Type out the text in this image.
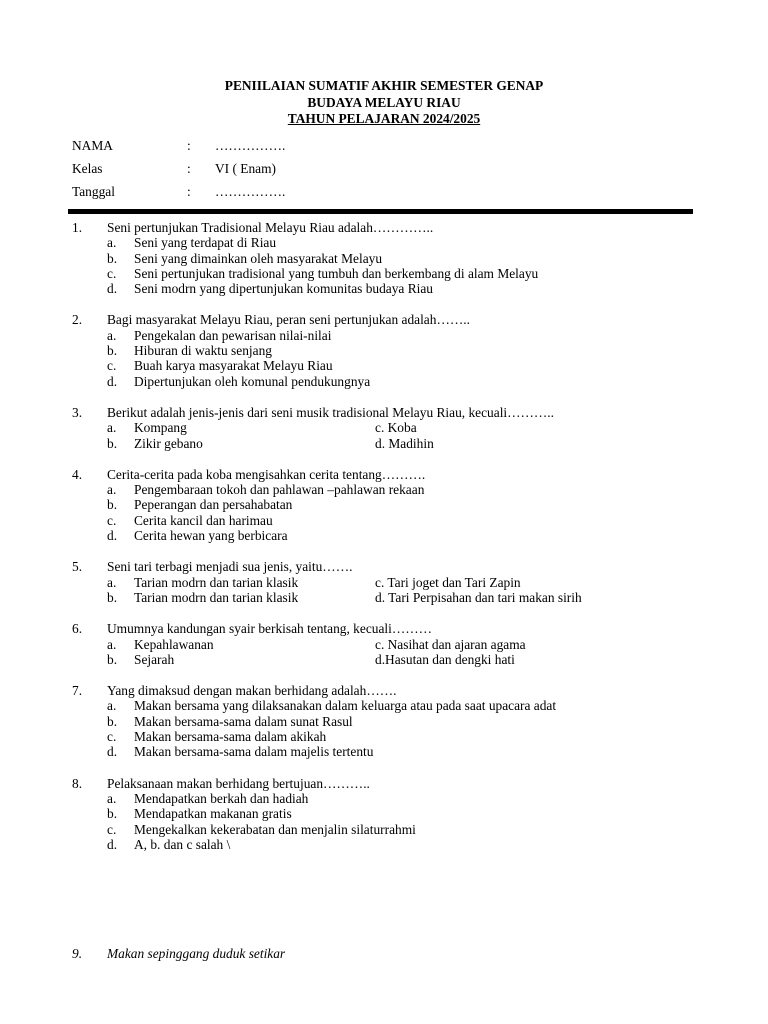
PENIILAIAN SUMATIF AKHIR SEMESTER GENAP
BUDAYA MELAYU RIAU
TAHUN PELAJARAN 2024/2025
NAMA	: …………….
Kelas	: VI ( Enam)
Tanggal	: …………….
1. Seni pertunjukan Tradisional Melayu Riau adalah…………..
a. Seni yang terdapat di Riau
b. Seni yang dimainkan oleh masyarakat Melayu
c. Seni pertunjukan tradisional yang tumbuh dan berkembang di alam Melayu
d. Seni modrn yang dipertunjukan komunitas budaya Riau
2. Bagi masyarakat Melayu Riau, peran seni pertunjukan adalah……..
a. Pengekalan dan pewarisan nilai-nilai
b. Hiburan di waktu senjang
c. Buah karya masyarakat Melayu Riau
d. Dipertunjukan oleh komunal pendukungnya
3. Berikut adalah jenis-jenis dari seni musik tradisional Melayu Riau, kecuali………..
a. Kompang	c. Koba
b. Zikir gebano	d. Madihin
4. Cerita-cerita pada koba mengisahkan cerita tentang……….
a. Pengembaraan tokoh dan pahlawan –pahlawan rekaan
b. Peperangan dan persahabatan
c. Cerita kancil dan harimau
d. Cerita hewan yang berbicara
5. Seni tari terbagi menjadi sua jenis, yaitu…….
a. Tarian modrn dan tarian klasik	c. Tari joget dan Tari Zapin
b. Tarian modrn dan tarian klasik	d. Tari Perpisahan dan tari makan sirih
6. Umumnya kandungan syair berkisah tentang, kecuali………
a. Kepahlawanan	c. Nasihat dan ajaran agama
b. Sejarah	d.Hasutan dan dengki hati
7. Yang dimaksud dengan makan berhidang adalah…….
a. Makan bersama yang dilaksanakan dalam keluarga atau pada saat upacara adat
b. Makan bersama-sama dalam sunat Rasul
c. Makan bersama-sama dalam akikah
d. Makan bersama-sama dalam majelis tertentu
8. Pelaksanaan makan berhidang bertujuan………..
a. Mendapatkan berkah dan hadiah
b. Mendapatkan makanan gratis
c. Mengekalkan kekerabatan dan menjalin silaturrahmi
d. A, b. dan c salah \
9. Makan sepinggang duduk setikar
